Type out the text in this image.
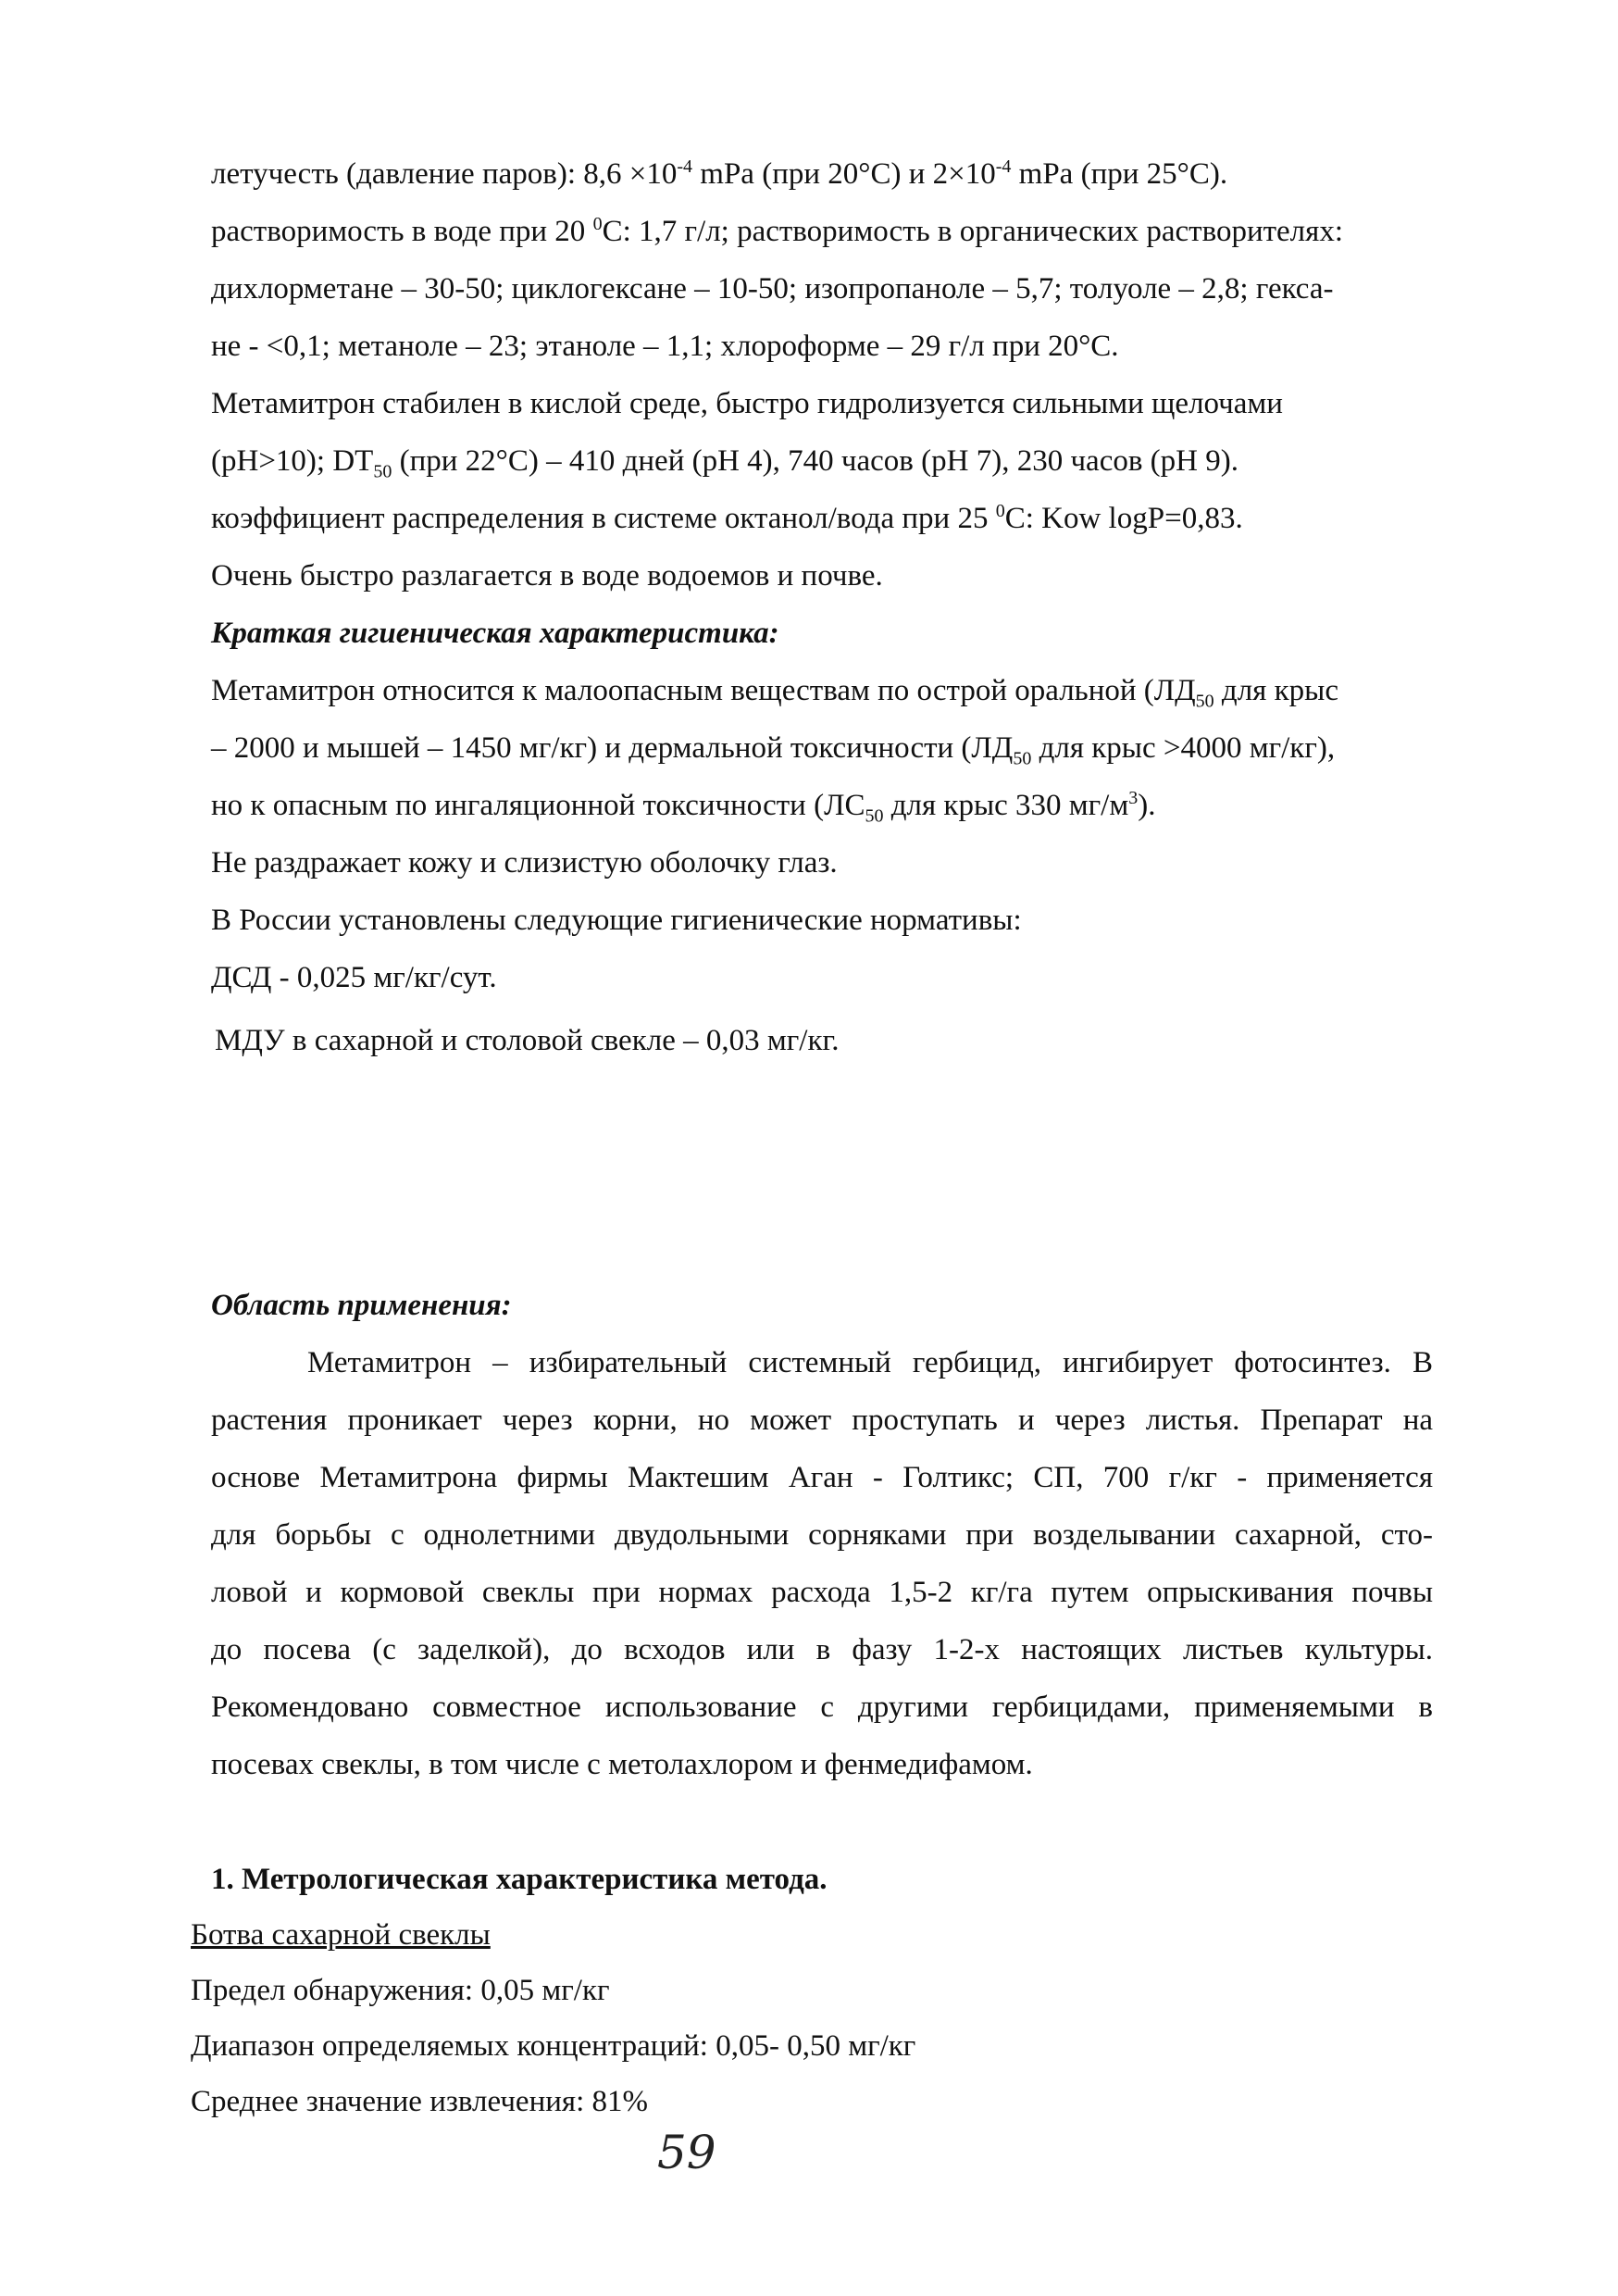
летучесть (давление паров): $8,6 \times 10^{-4}$ mPa (при 20°С) и $2\times 10^{-4}$ mPa (при 25°С).
растворимость в воде при 20 $^0$С: 1,7 г/л; растворимость в органических растворителях:
дихлорметане – 30-50; циклогексане – 10-50; изопропаноле – 5,7; толуоле – 2,8; гекса-
не - <0,1; метаноле – 23; этаноле – 1,1; хлороформе – 29 г/л при 20°С.
Метамитрон стабилен в кислой среде, быстро гидролизуется сильными щелочами
(рН>10); $DT_{50}$ (при 22°С) – 410 дней (рН 4), 740 часов (рН 7), 230 часов (рН 9).
коэффициент распределения в системе октанол/вода при 25 $^0$С: Kow logP=0,83.
Очень быстро разлагается в воде водоемов и почве.
Краткая гигиеническая характеристика:
Метамитрон относится к малоопасным веществам по острой оральной ($ЛД_{50}$ для крыс
– 2000 и мышей – 1450 мг/кг) и дермальной токсичности ($ЛД_{50}$ для крыс >4000 мг/кг),
но к опасным по ингаляционной токсичности ($ЛС_{50}$ для крыс 330 $мг/м^3$).
Не раздражает кожу и слизистую оболочку глаз.
В России установлены следующие гигиенические нормативы:
ДСД - 0,025 мг/кг/сут.
МДУ в сахарной и столовой свекле – 0,03 мг/кг.
Область применения:
Метамитрон – избирательный системный гербицид, ингибирует фотосинтез. В
растения проникает через корни, но может проступать и через листья. Препарат на
основе Метамитрона фирмы Мактешим Аган - Голтикс; СП, 700 г/кг - применяется
для борьбы с однолетними двудольными сорняками при возделывании сахарной, сто-
ловой и кормовой свеклы при нормах расхода 1,5-2 кг/га путем опрыскивания почвы
до посева (с заделкой), до всходов или в фазу 1-2-х настоящих листьев культуры.
Рекомендовано совместное использование с другими гербицидами, применяемыми в
посевах свеклы, в том числе с метолахлором и фенмедифамом.
1. Метрологическая характеристика метода.
Ботва сахарной свеклы
Предел обнаружения: 0,05 мг/кг
Диапазон определяемых концентраций: 0,05- 0,50 мг/кг
Среднее значение извлечения: 81%
59
